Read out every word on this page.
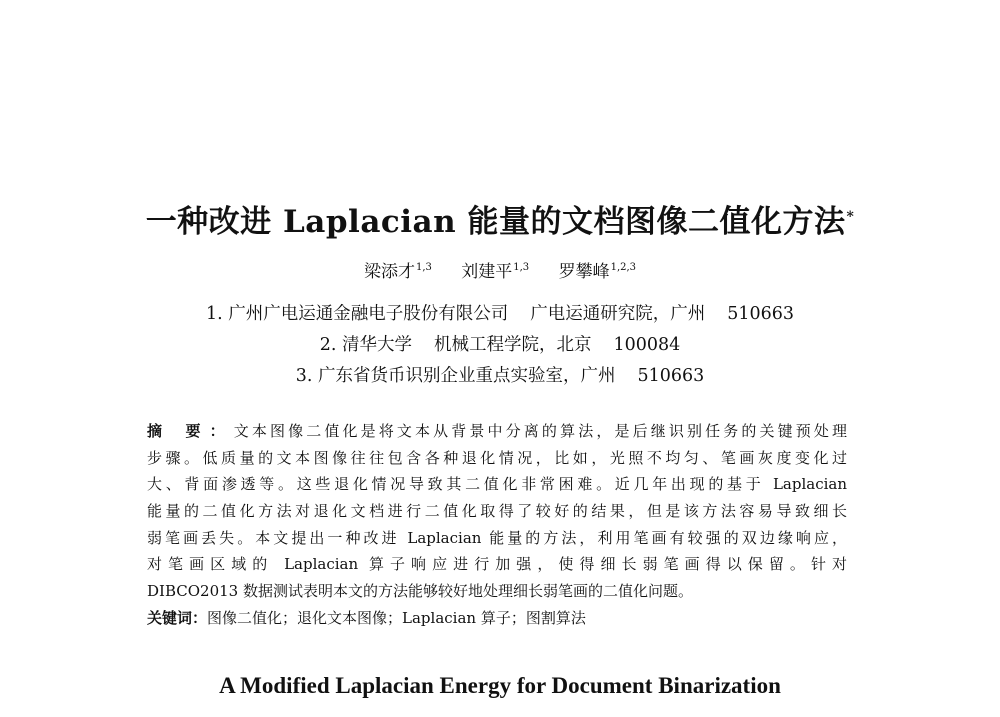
一种改进 Laplacian 能量的文档图像二值化方法*
梁添才$^{1,3}$ 刘建平$^{1,3}$ 罗攀峰$^{1,2,3}$
1. 广州广电运通金融电子股份有限公司 广电运通研究院，广州 510663
2. 清华大学 机械工程学院，北京 100084
3. 广东省货币识别企业重点实验室，广州 510663
摘 要：文本图像二值化是将文本从背景中分离的算法，是后继识别任务的关键预处理
步骤。低质量的文本图像往往包含各种退化情况，比如，光照不均匀、笔画灰度变化过
大、背面渗透等。这些退化情况导致其二值化非常困难。近几年出现的基于 Laplacian
能量的二值化方法对退化文档进行二值化取得了较好的结果，但是该方法容易导致细长
弱笔画丢失。本文提出一种改进 Laplacian 能量的方法，利用笔画有较强的双边缘响应，
对笔画区域的 Laplacian 算子响应进行加强，使得细长弱笔画得以保留。针对
DIBCO2013 数据测试表明本文的方法能够较好地处理细长弱笔画的二值化问题。
关键词：图像二值化；退化文本图像；Laplacian 算子；图割算法
A Modified Laplacian Energy for Document Binarization
